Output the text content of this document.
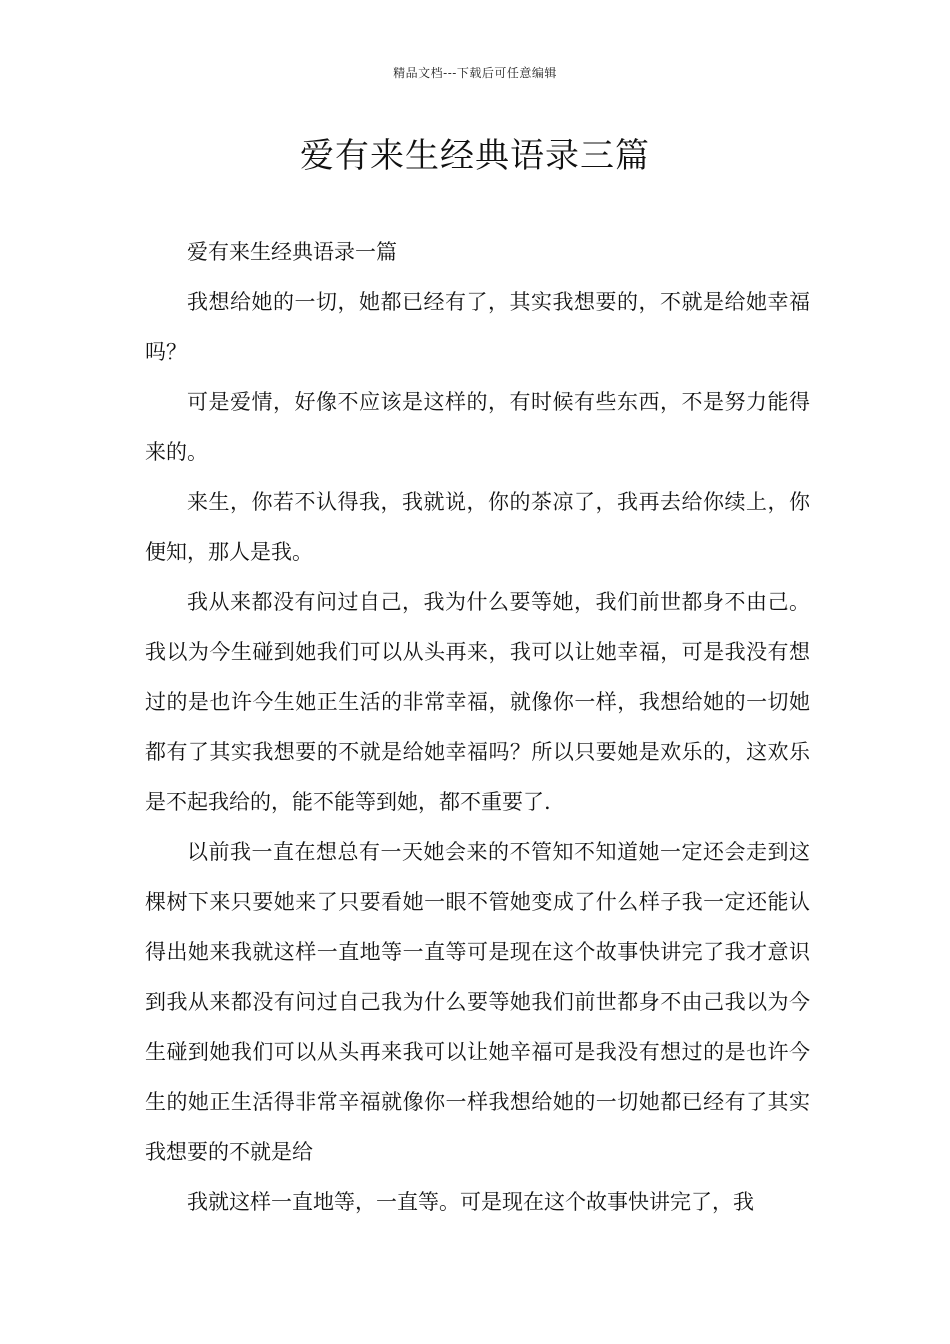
精品文档---下载后可任意编辑
爱有来生经典语录三篇

爱有来生经典语录一篇

我想给她的一切，她都已经有了，其实我想要的，不就是给她幸福吗？

可是爱情，好像不应该是这样的，有时候有些东西，不是努力能得来的。

来生，你若不认得我，我就说，你的茶凉了，我再去给你续上，你便知，那人是我。

我从来都没有问过自己，我为什么要等她，我们前世都身不由己。我以为今生碰到她我们可以从头再来，我可以让她幸福，可是我没有想过的是也许今生她正生活的非常幸福，就像你一样，我想给她的一切她都有了其实我想要的不就是给她幸福吗？所以只要她是欢乐的，这欢乐是不起我给的，能不能等到她，都不重要了.

以前我一直在想总有一天她会来的不管知不知道她一定还会走到这棵树下来只要她来了只要看她一眼不管她变成了什么样子我一定还能认得出她来我就这样一直地等一直等可是现在这个故事快讲完了我才意识到我从来都没有问过自己我为什么要等她我们前世都身不由己我以为今生碰到她我们可以从头再来我可以让她辛福可是我没有想过的是也许今生的她正生活得非常辛福就像你一样我想给她的一切她都已经有了其实我想要的不就是给

我就这样一直地等，一直等。可是现在这个故事快讲完了，我
